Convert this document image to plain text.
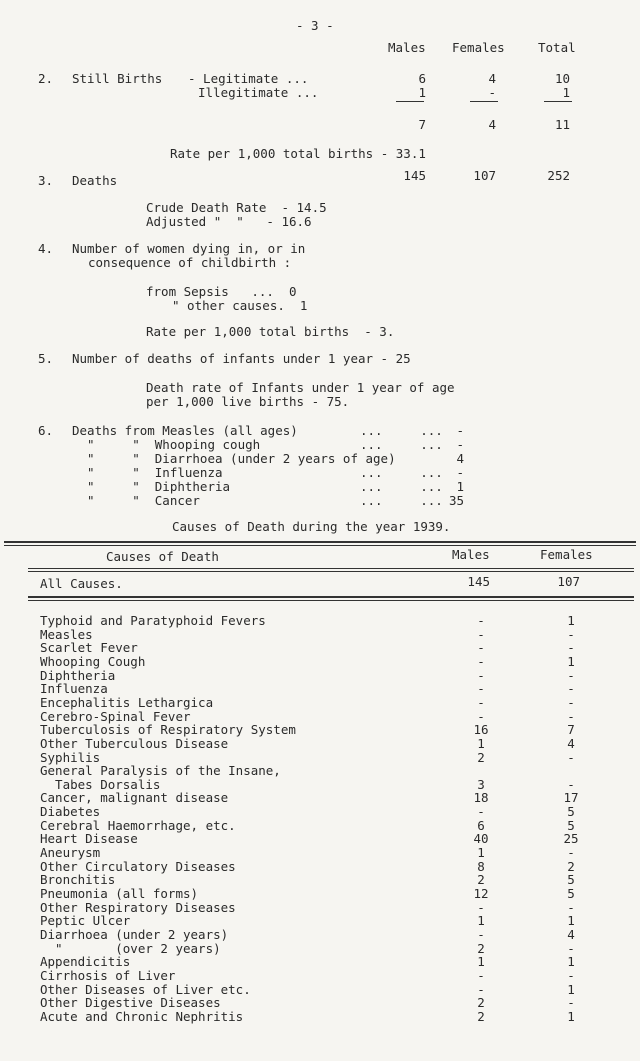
- 3 -
Males Females	Total
2. Still Births - Legitimate ...
Illegitimate ...
6	4	10
1	-	1
7	4	11
Rate per 1,000 total births - 33.1
3. Deaths	145	107	252
Crude Death Rate  - 14.5
Adjusted "  "   - 16.6
4. Number of women dying in, or in
consequence of childbirth :
from Sepsis   ...  0
" other causes.  1
Rate per 1,000 total births  - 3.
5. Number of deaths of infants under 1 year - 25
Death rate of Infants under 1 year of age
per 1,000 live births - 75.
6. Deaths from Measles (all ages)	...     ...	-
"     "  Whooping cough	...     ...	-
"     "  Diarrhoea (under 2 years of age)	4
"     "  Influenza	...     ...	-
"     "  Diphtheria	...     ...	1
"     "  Cancer	...     ... 35
Causes of Death during the year 1939.
Causes of Death	Males	Females
All Causes.	145	107
Typhoid and Paratyphoid Fevers	-	1
Measles	-	-
Scarlet Fever	-	-
Whooping Cough	-	1
Diphtheria	-	-
Influenza	-	-
Encephalitis Lethargica	-	-
Cerebro-Spinal Fever	-	-
Tuberculosis of Respiratory System	16	7
Other Tuberculous Disease	1	4
Syphilis	2	-
General Paralysis of the Insane,
Tabes Dorsalis	3	-
Cancer, malignant disease	18	17
Diabetes	-	5
Cerebral Haemorrhage, etc.	6	5
Heart Disease	40	25
Aneurysm	1	-
Other Circulatory Diseases	8	2
Bronchitis	2	5
Pneumonia (all forms)	12	5
Other Respiratory Diseases	-	-
Peptic Ulcer	1	1
Diarrhoea (under 2 years)	-	4
"       (over 2 years)	2	-
Appendicitis	1	1
Cirrhosis of Liver	-	-
Other Diseases of Liver etc.	-	1
Other Digestive Diseases	2	-
Acute and Chronic Nephritis	2	1
